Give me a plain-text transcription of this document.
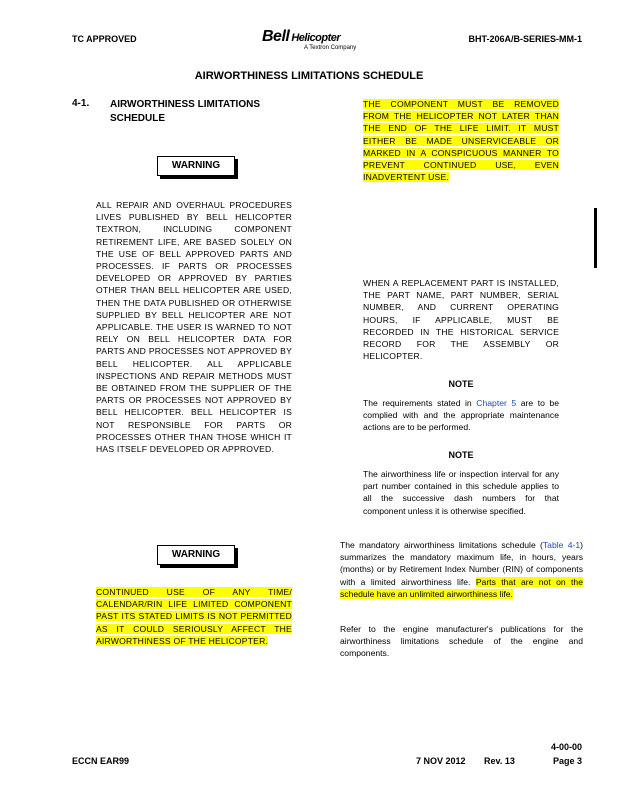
TC APPROVED	Bell Helicopter
A Textron Company
BHT-206A/B-SERIES-MM-1
AIRWORTHINESS LIMITATIONS SCHEDULE
4-1. AIRWORTHINESS LIMITATIONS SCHEDULE
WARNING
ALL REPAIR AND OVERHAUL PROCEDURES LIVES PUBLISHED BY BELL HELICOPTER TEXTRON, INCLUDING COMPONENT RETIREMENT LIFE, ARE BASED SOLELY ON THE USE OF BELL APPROVED PARTS AND PROCESSES. IF PARTS OR PROCESSES DEVELOPED OR APPROVED BY PARTIES OTHER THAN BELL HELICOPTER ARE USED, THEN THE DATA PUBLISHED OR OTHERWISE SUPPLIED BY BELL HELICOPTER ARE NOT APPLICABLE. THE USER IS WARNED TO NOT RELY ON BELL HELICOPTER DATA FOR PARTS AND PROCESSES NOT APPROVED BY BELL HELICOPTER. ALL APPLICABLE INSPECTIONS AND REPAIR METHODS MUST BE OBTAINED FROM THE SUPPLIER OF THE PARTS OR PROCESSES NOT APPROVED BY BELL HELICOPTER. BELL HELICOPTER IS NOT RESPONSIBLE FOR PARTS OR PROCESSES OTHER THAN THOSE WHICH IT HAS ITSELF DEVELOPED OR APPROVED.
WARNING
CONTINUED USE OF ANY TIME/ CALENDAR/RIN LIFE LIMITED COMPONENT PAST ITS STATED LIMITS IS NOT PERMITTED AS IT COULD SERIOUSLY AFFECT THE AIRWORTHINESS OF THE HELICOPTER.
THE COMPONENT MUST BE REMOVED FROM THE HELICOPTER NOT LATER THAN THE END OF THE LIFE LIMIT. IT MUST EITHER BE MADE UNSERVICEABLE OR MARKED IN A CONSPICUOUS MANNER TO PREVENT CONTINUED USE, EVEN INADVERTENT USE.
WHEN A REPLACEMENT PART IS INSTALLED, THE PART NAME, PART NUMBER, SERIAL NUMBER, AND CURRENT OPERATING HOURS, IF APPLICABLE, MUST BE RECORDED IN THE HISTORICAL SERVICE RECORD FOR THE ASSEMBLY OR HELICOPTER.
NOTE
The requirements stated in Chapter 5 are to be complied with and the appropriate maintenance actions are to be performed.
NOTE
The airworthiness life or inspection interval for any part number contained in this schedule applies to all the successive dash numbers for that component unless it is otherwise specified.
The mandatory airworthiness limitations schedule (Table 4-1) summarizes the mandatory maximum life, in hours, years (months) or by Retirement Index Number (RIN) of components with a limited airworthiness life. Parts that are not on the schedule have an unlimited airworthiness life.
Refer to the engine manufacturer's publications for the airworthiness limitations schedule of the engine and components.
ECCN EAR99	7 NOV 2012 Rev. 13
4-00-00
Page 3
